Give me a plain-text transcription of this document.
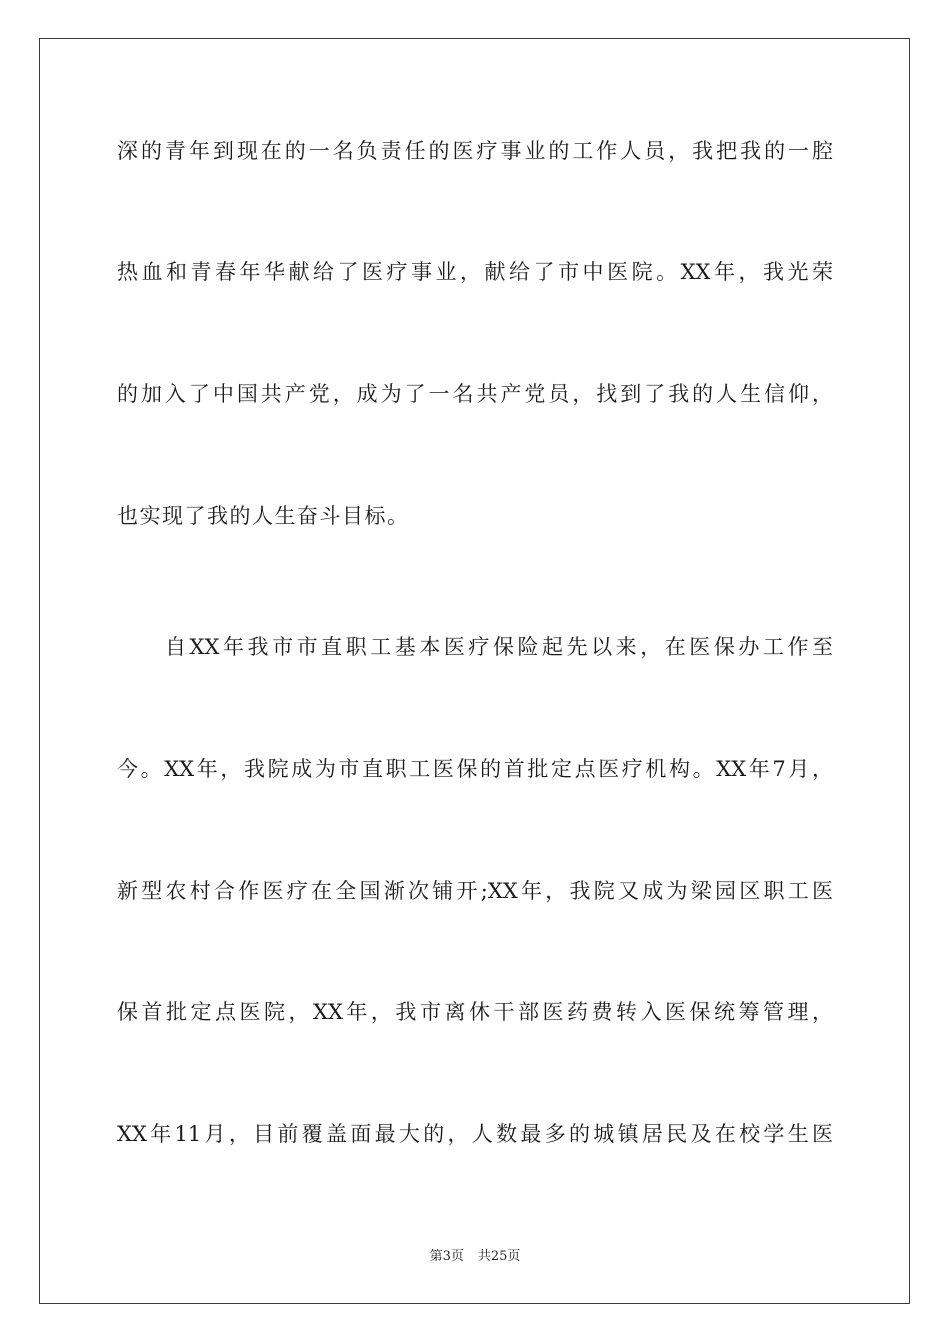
深的青年到现在的一名负责任的医疗事业的工作人员，我把我的一腔
热血和青春年华献给了医疗事业，献给了市中医院。XX年，我光荣
的加入了中国共产党，成为了一名共产党员，找到了我的人生信仰，
也实现了我的人生奋斗目标。
自XX年我市市直职工基本医疗保险起先以来，在医保办工作至
今。XX年，我院成为市直职工医保的首批定点医疗机构。XX年7月，
新型农村合作医疗在全国渐次铺开;XX年，我院又成为梁园区职工医
保首批定点医院，XX年，我市离休干部医药费转入医保统筹管理，
XX年11月，目前覆盖面最大的，人数最多的城镇居民及在校学生医
第3页 共25页
